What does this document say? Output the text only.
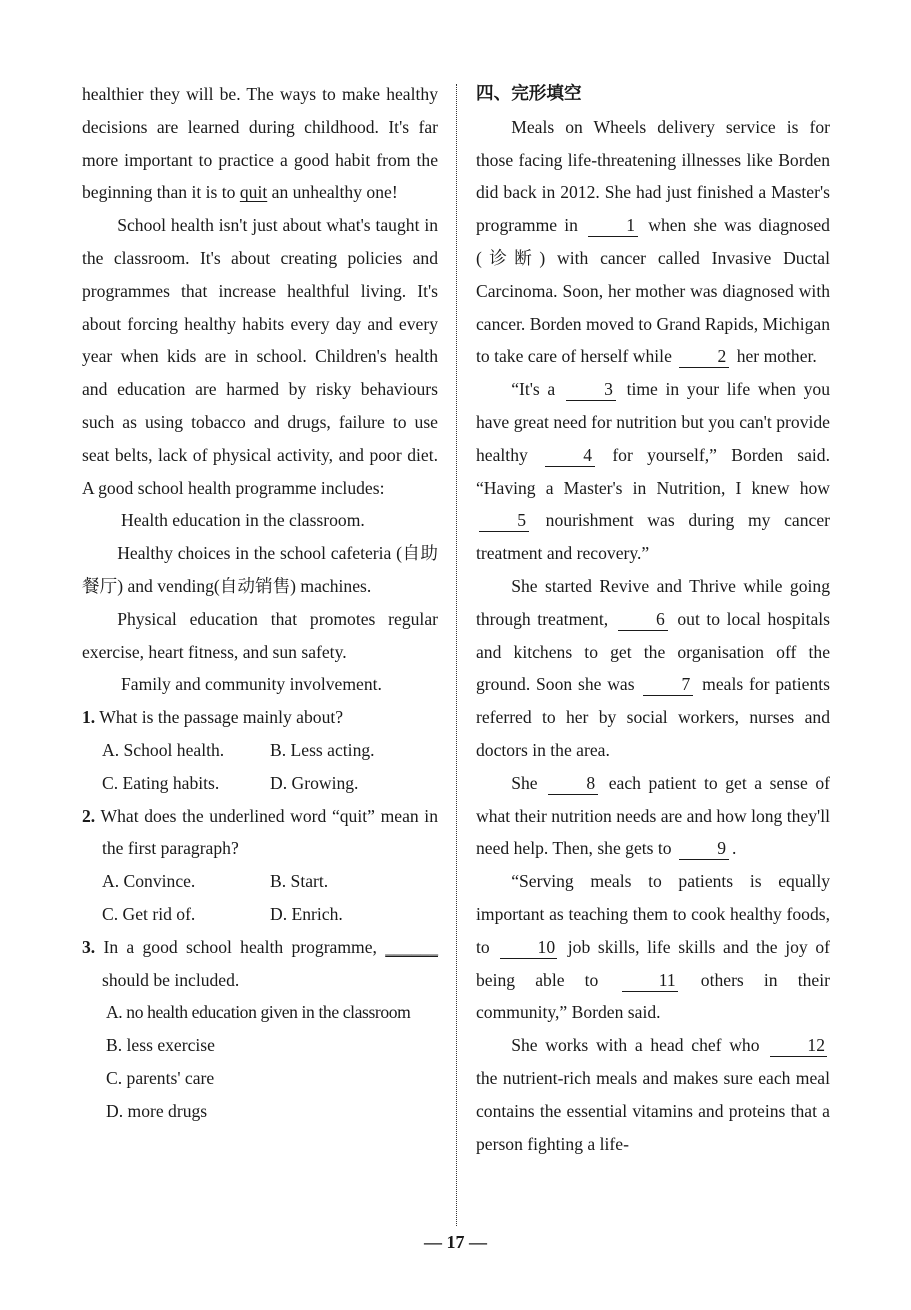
healthier they will be. The ways to make healthy decisions are learned during childhood. It's far more important to practice a good habit from the beginning than it is to quit an unhealthy one!

School health isn't just about what's taught in the classroom. It's about creating policies and programmes that increase healthful living. It's about forcing healthy habits every day and every year when kids are in school. Children's health and education are harmed by risky behaviours such as using tobacco and drugs, failure to use seat belts, lack of physical activity, and poor diet. A good school health programme includes:

Health education in the classroom.

Healthy choices in the school cafeteria (自助餐厅) and vending(自动销售) machines.

Physical education that promotes regular exercise, heart fitness, and sun safety.

Family and community involvement.

1. What is the passage mainly about?

A. School health.	B. Less acting.
C. Eating habits.	D. Growing.

2. What does the underlined word “quit” mean in the first paragraph?

A. Convince.	B. Start.
C. Get rid of.	D. Enrich.

3. In a good school health programme, ______ should be included.

A. no health education given in the classroom

B. less exercise

C. parents' care

D. more drugs

四、完形填空

Meals on Wheels delivery service is for those facing life-threatening illnesses like Borden did back in 2012. She had just finished a Master's programme in	1 when she was diagnosed (诊断) with cancer called Invasive Ductal Carcinoma. Soon, her mother was diagnosed with cancer. Borden moved to Grand Rapids, Michigan to take care of herself while	2 her mother.

“It's a	3 time in your life when you have great need for nutrition but you can't provide healthy	4 for yourself,” Borden said. “Having a Master's in Nutrition, I knew how 5 nourishment was during my cancer treatment and recovery.”

She started Revive and Thrive while going through treatment,	6 out to local hospitals and kitchens to get the organisation off the ground. Soon she was	7 meals for patients referred to her by social workers, nurses and doctors in the area.

She	8 each patient to get a sense of what their nutrition needs are and how long they'll need help. Then, she gets to	9 .

“Serving meals to patients is equally important as teaching them to cook healthy foods, to	10 job skills, life skills and the joy of being able to	11 others in their community,” Borden said.

She works with a head chef who	12 the nutrient-rich meals and makes sure each meal contains the essential vitamins and proteins that a person fighting a life-

— 17 —
